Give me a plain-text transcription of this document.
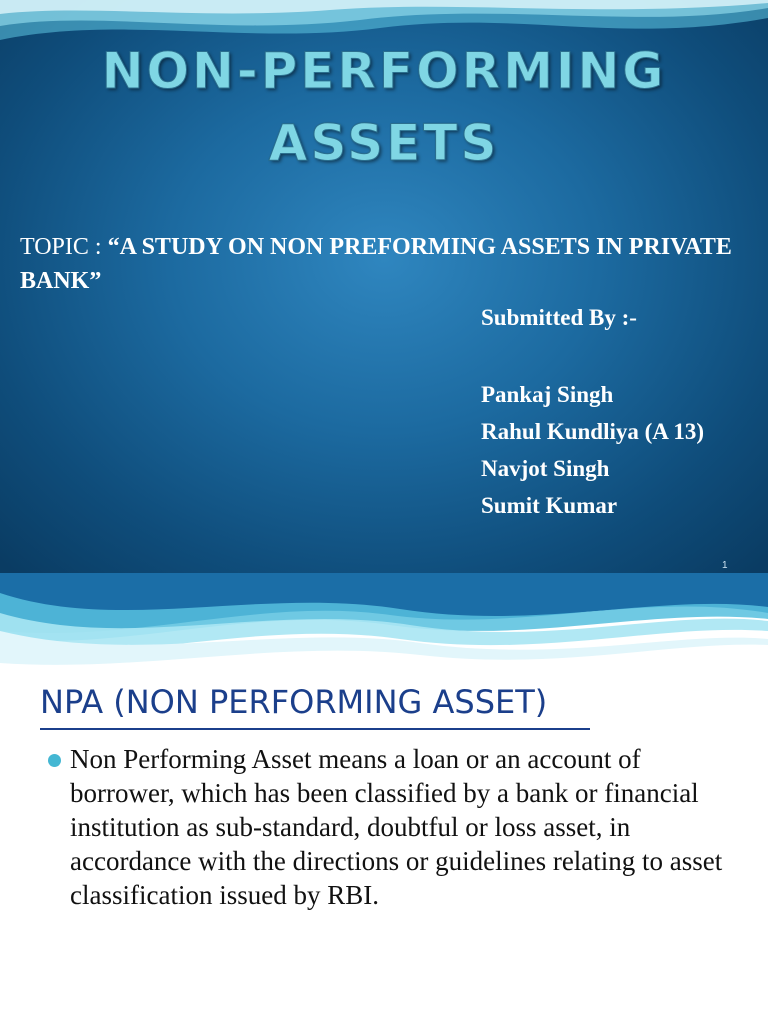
NON-PERFORMING
ASSETS
TOPIC : “A STUDY ON NON PREFORMING ASSETS IN PRIVATE BANK”
Submitted By :-
Pankaj Singh
Rahul Kundliya (A 13)
Navjot Singh
Sumit Kumar
1
NPA (NON PERFORMING ASSET)
Non Performing Asset means a loan or an account of borrower, which has been classified by a bank or financial institution as sub-standard, doubtful or loss asset, in accordance with the directions or guidelines relating to asset classification issued by RBI.
